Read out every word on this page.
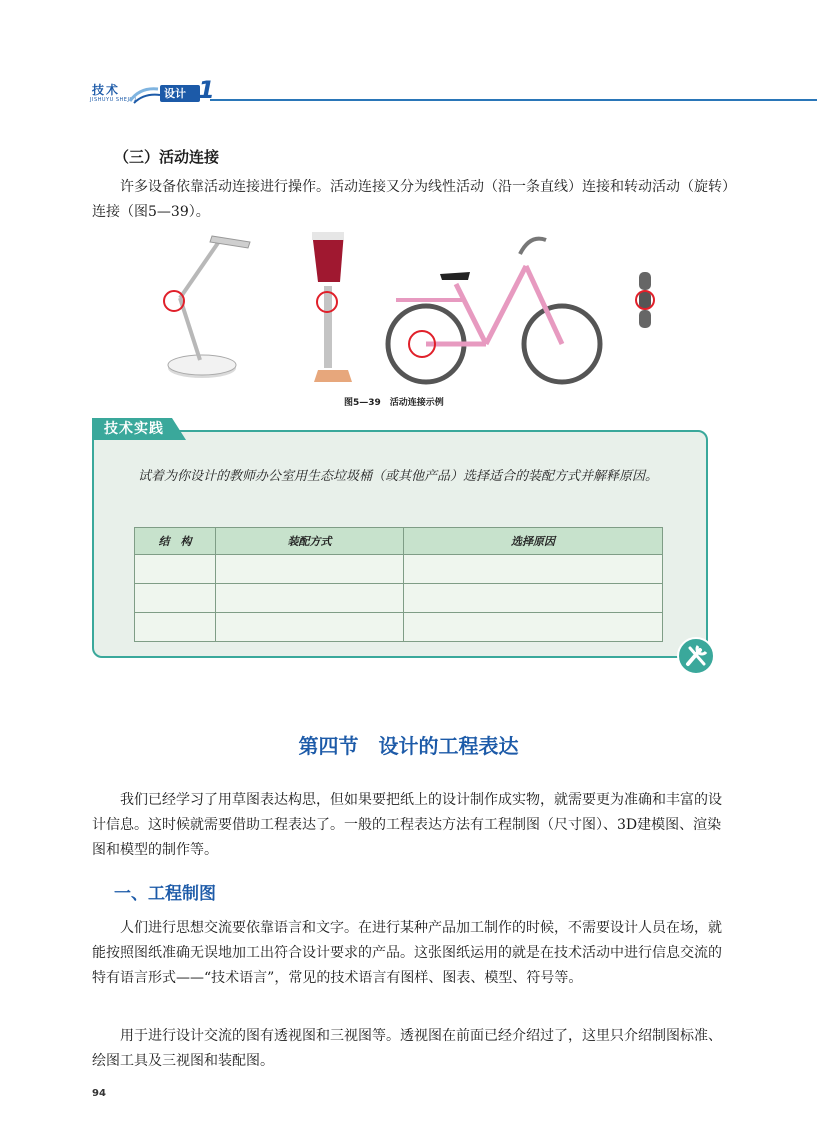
技术
JISHUYU SHEJI 1	设计 1
（三）活动连接
许多设备依靠活动连接进行操作。活动连接又分为线性活动（沿一条直线）连接和转动活动（旋转）连接（图5—39）。
图5—39　活动连接示例
技术实践
试着为你设计的教师办公室用生态垃圾桶（或其他产品）选择适合的装配方式并解释原因。
结　构	装配方式	选择原因

第四节　设计的工程表达
我们已经学习了用草图表达构思，但如果要把纸上的设计制作成实物，就需要更为准确和丰富的设计信息。这时候就需要借助工程表达了。一般的工程表达方法有工程制图（尺寸图）、3D建模图、渲染图和模型的制作等。
一、工程制图
人们进行思想交流要依靠语言和文字。在进行某种产品加工制作的时候，不需要设计人员在场，就能按照图纸准确无误地加工出符合设计要求的产品。这张图纸运用的就是在技术活动中进行信息交流的特有语言形式——“技术语言”，常见的技术语言有图样、图表、模型、符号等。
用于进行设计交流的图有透视图和三视图等。透视图在前面已经介绍过了，这里只介绍制图标准、绘图工具及三视图和装配图。
94
